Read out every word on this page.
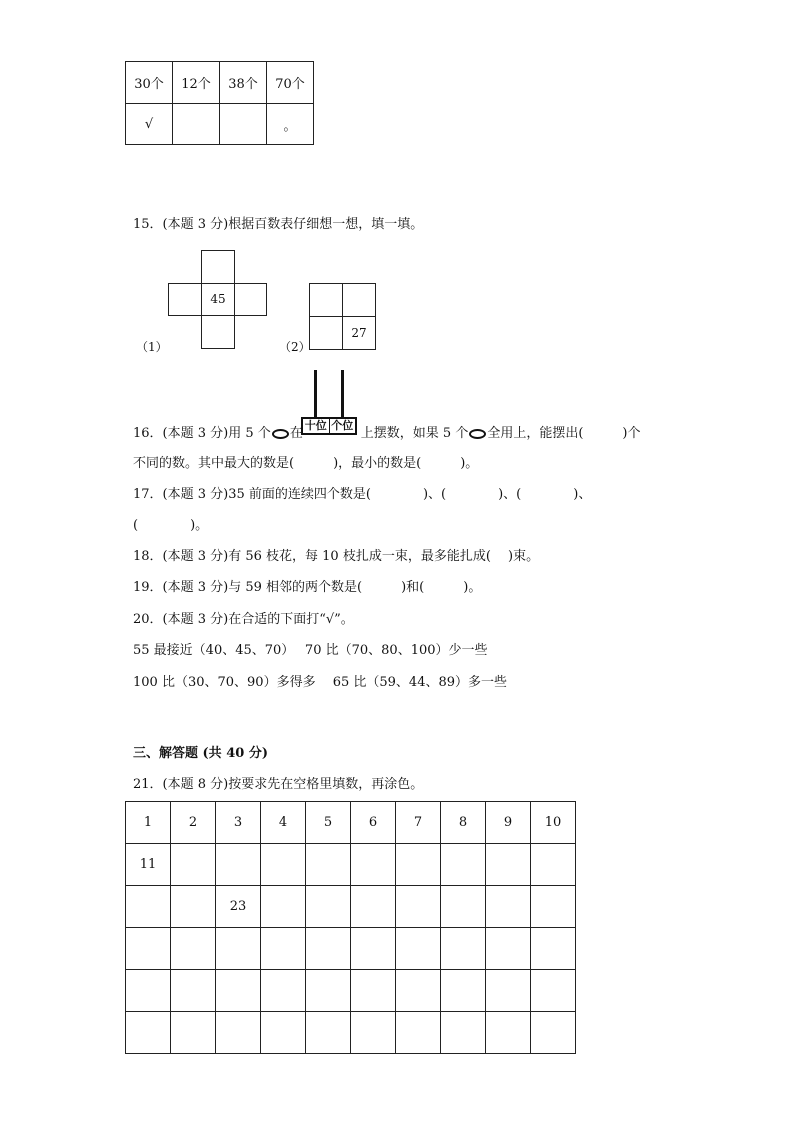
30个	12个	38个	70个
√			。
15．(本题 3 分)根据百数表仔细想一想，填一填。
45
（1）
27
（2）
十位 个位
16．(本题 3 分)用 5 个 在	上摆数，如果 5 个 全用上，能摆出(　　　)个
不同的数。其中最大的数是(　　　)，最小的数是(　　　)。
17．(本题 3 分)35 前面的连续四个数是(　　　　)、(　　　　)、(　　　　)、
(　　　　)。
18．(本题 3 分)有 56 枝花，每 10 枝扎成一束，最多能扎成(　 )束。
19．(本题 3 分)与 59 相邻的两个数是(　　　)和(　　　)。
20．(本题 3 分)在合适的下面打“√”。
55 最接近（40、45、70）　 70 比（70、80、100）少一些
100 比（30、70、90）多得多　 65 比（59、44、89）多一些
三、解答题 (共 40 分)
21．(本题 8 分)按要求先在空格里填数，再涂色。
1	2	3	4	5	6	7	8	9	10
11									
		23							
